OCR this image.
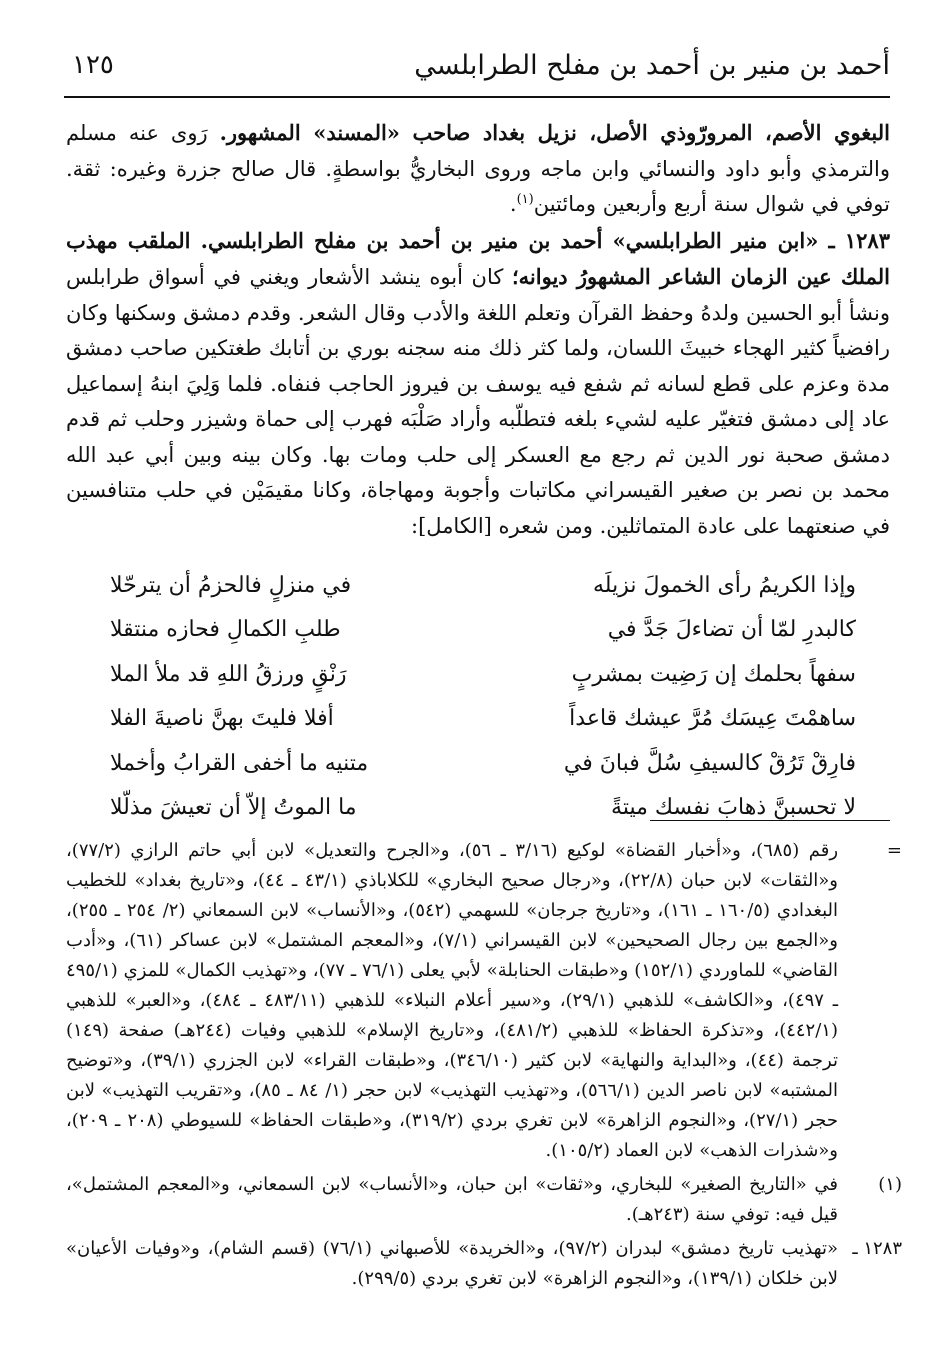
أحمد بن منير بن أحمد بن مفلح الطرابلسي
١٢٥

البغوي الأصم، المرورّوذي الأصل، نزيل بغداد صاحب «المسند» المشهور. رَوى عنه مسلم والترمذي وأبو داود والنسائي وابن ماجه وروى البخاريُّ بواسطةٍ. قال صالح جزرة وغيره: ثقة. توفي في شوال سنة أربع وأربعين ومائتين$^{(١)}$.

١٢٨٣ ـ «ابن منير الطرابلسي» أحمد بن منير بن أحمد بن مفلح الطرابلسي. الملقب مهذب الملك عين الزمان الشاعر المشهورُ ديوانه؛ كان أبوه ينشد الأشعار ويغني في أسواق طرابلس ونشأ أبو الحسين ولدهُ وحفظ القرآن وتعلم اللغة والأدب وقال الشعر. وقدم دمشق وسكنها وكان رافضياً كثير الهجاء خبيثَ اللسان، ولما كثر ذلك منه سجنه بوري بن أتابك طغتكين صاحب دمشق مدة وعزم على قطع لسانه ثم شفع فيه يوسف بن فيروز الحاجب فنفاه. فلما وَلِيَ ابنهُ إسماعيل عاد إلى دمشق فتغيّر عليه لشيء بلغه فتطلّبه وأراد صَلْبَه فهرب إلى حماة وشيزر وحلب ثم قدم دمشق صحبة نور الدين ثم رجع مع العسكر إلى حلب ومات بها. وكان بينه وبين أبي عبد الله محمد بن نصر بن صغير القيسراني مكاتبات وأجوبة ومهاجاة، وكانا مقيمَيْن في حلب متنافسين في صنعتهما على عادة المتماثلين. ومن شعره [الكامل]:

وإذا الكريمُ رأى الخمولَ نزيلَه
في منزلٍ فالحزمُ أن يترحّلا
كالبدرِ لمّا أن تضاءلَ جَدَّ في
طلبِ الكمالِ فحازه منتقلا
سفهاً بحلمك إن رَضِيت بمشربٍ
رَنْقٍ ورزقُ اللهِ قد ملأ الملا
ساهمْتَ عِيسَك مُرَّ عيشك قاعداً
أفلا فليتَ بهنَّ ناصيةَ الفلا
فارِقْ تَرُقْ كالسيفِ سُلَّ فبانَ في
متنيه ما أخفى القرابُ وأخملا
لا تحسبنَّ ذهابَ نفسك ميتةً
ما الموتُ إلاّ أن تعيشَ مذلّلا

=
رقم (٦٨٥)، و«أخبار القضاة» لوكيع (٣/١٦ ـ ٥٦)، و«الجرح والتعديل» لابن أبي حاتم الرازي (٧٧/٢)، و«الثقات» لابن حبان (٢٢/٨)، و«رجال صحيح البخاري» للكلاباذي (٤٣/١ ـ ٤٤)، و«تاريخ بغداد» للخطيب البغدادي (١٦٠/٥ ـ ١٦١)، و«تاريخ جرجان» للسهمي (٥٤٢)، و«الأنساب» لابن السمعاني (٢/ ٢٥٤ ـ ٢٥٥)، و«الجمع بين رجال الصحيحين» لابن القيسراني (٧/١)، و«المعجم المشتمل» لابن عساكر (٦١)، و«أدب القاضي» للماوردي (١٥٢/١) و«طبقات الحنابلة» لأبي يعلى (٧٦/١ ـ ٧٧)، و«تهذيب الكمال» للمزي (٤٩٥/١ ـ ٤٩٧)، و«الكاشف» للذهبي (٢٩/١)، و«سير أعلام النبلاء» للذهبي (٤٨٣/١١ ـ ٤٨٤)، و«العبر» للذهبي (٤٤٢/١)، و«تذكرة الحفاظ» للذهبي (٤٨١/٢)، و«تاريخ الإسلام» للذهبي وفيات (٢٤٤هـ) صفحة (١٤٩) ترجمة (٤٤)، و«البداية والنهاية» لابن كثير (٣٤٦/١٠)، و«طبقات القراء» لابن الجزري (٣٩/١)، و«توضيح المشتبه» لابن ناصر الدين (٥٦٦/١)، و«تهذيب التهذيب» لابن حجر (١/ ٨٤ ـ ٨٥)، و«تقريب التهذيب» لابن حجر (٢٧/١)، و«النجوم الزاهرة» لابن تغري بردي (٣١٩/٢)، و«طبقات الحفاظ» للسيوطي (٢٠٨ ـ ٢٠٩)، و«شذرات الذهب» لابن العماد (١٠٥/٢).

(١)
في «التاريخ الصغير» للبخاري، و«ثقات» ابن حبان، و«الأنساب» لابن السمعاني، و«المعجم المشتمل»، قيل فيه: توفي سنة (٢٤٣هـ).

١٢٨٣ ـ
«تهذيب تاريخ دمشق» لبدران (٩٧/٢)، و«الخريدة» للأصبهاني (٧٦/١) (قسم الشام)، و«وفيات الأعيان» لابن خلكان (١٣٩/١)، و«النجوم الزاهرة» لابن تغري بردي (٢٩٩/٥).
